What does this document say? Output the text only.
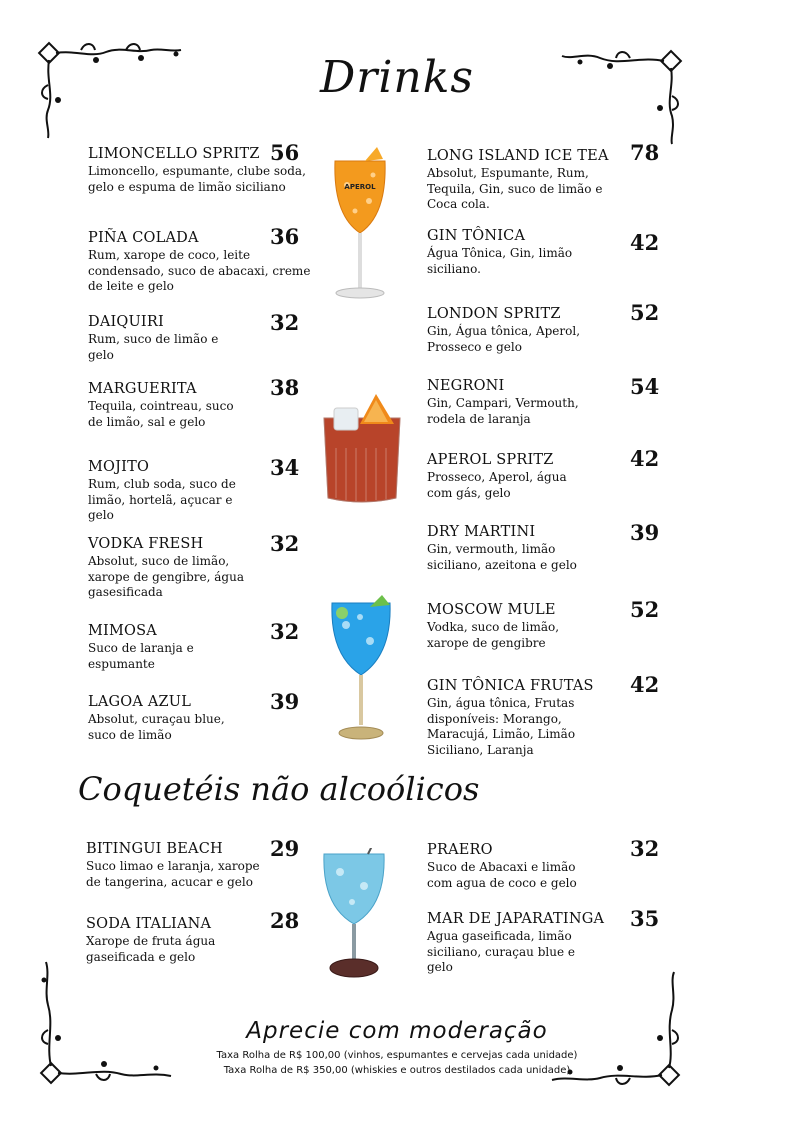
Drinks
LIMONCELLO SPRITZ
Limoncello, espumante, clube soda, gelo e espuma de limão siciliano
56
PIÑA COLADA
Rum, xarope de coco, leite condensado, suco de abacaxi, creme de leite e gelo
36
DAIQUIRI
Rum, suco de limão e gelo
32
MARGUERITA
Tequila, cointreau, suco de limão, sal e gelo
38
MOJITO
Rum, club soda, suco de limão, hortelã, açucar e gelo
34
VODKA FRESH
Absolut, suco de limão, xarope de gengibre, água gasesificada
32
MIMOSA
Suco de laranja e espumante
32
LAGOA AZUL
Absolut, curaçau blue, suco de limão
39
LONG ISLAND ICE TEA
Absolut, Espumante, Rum, Tequila, Gin, suco de limão e Coca cola.
78
GIN TÔNICA
Água Tônica, Gin, limão siciliano.
42
LONDON SPRITZ
Gin, Água tônica, Aperol, Prosseco e gelo
52
NEGRONI
Gin, Campari, Vermouth, rodela de laranja
54
APEROL SPRITZ
Prosseco, Aperol, água com gás, gelo
42
DRY MARTINI
Gin, vermouth, limão siciliano, azeitona e gelo
39
MOSCOW MULE
Vodka, suco de limão, xarope de gengibre
52
GIN TÔNICA FRUTAS
Gin, água tônica, Frutas disponíveis: Morango, Maracujá, Limão, Limão Siciliano, Laranja
42
APEROL
Coquetéis não alcoólicos
BITINGUI BEACH
Suco limao e laranja, xarope de tangerina, acucar e gelo
29
SODA ITALIANA
Xarope de fruta água gaseificada e gelo
28
PRAERO
Suco de Abacaxi e limão com agua de coco e gelo
32
MAR DE JAPARATINGA
Agua gaseificada, limão siciliano, curaçau blue e gelo
35
Aprecie com moderação
Taxa Rolha de R$ 100,00 (vinhos, espumantes e cervejas cada unidade)
Taxa Rolha de R$ 350,00 (whiskies e outros destilados cada unidade)
